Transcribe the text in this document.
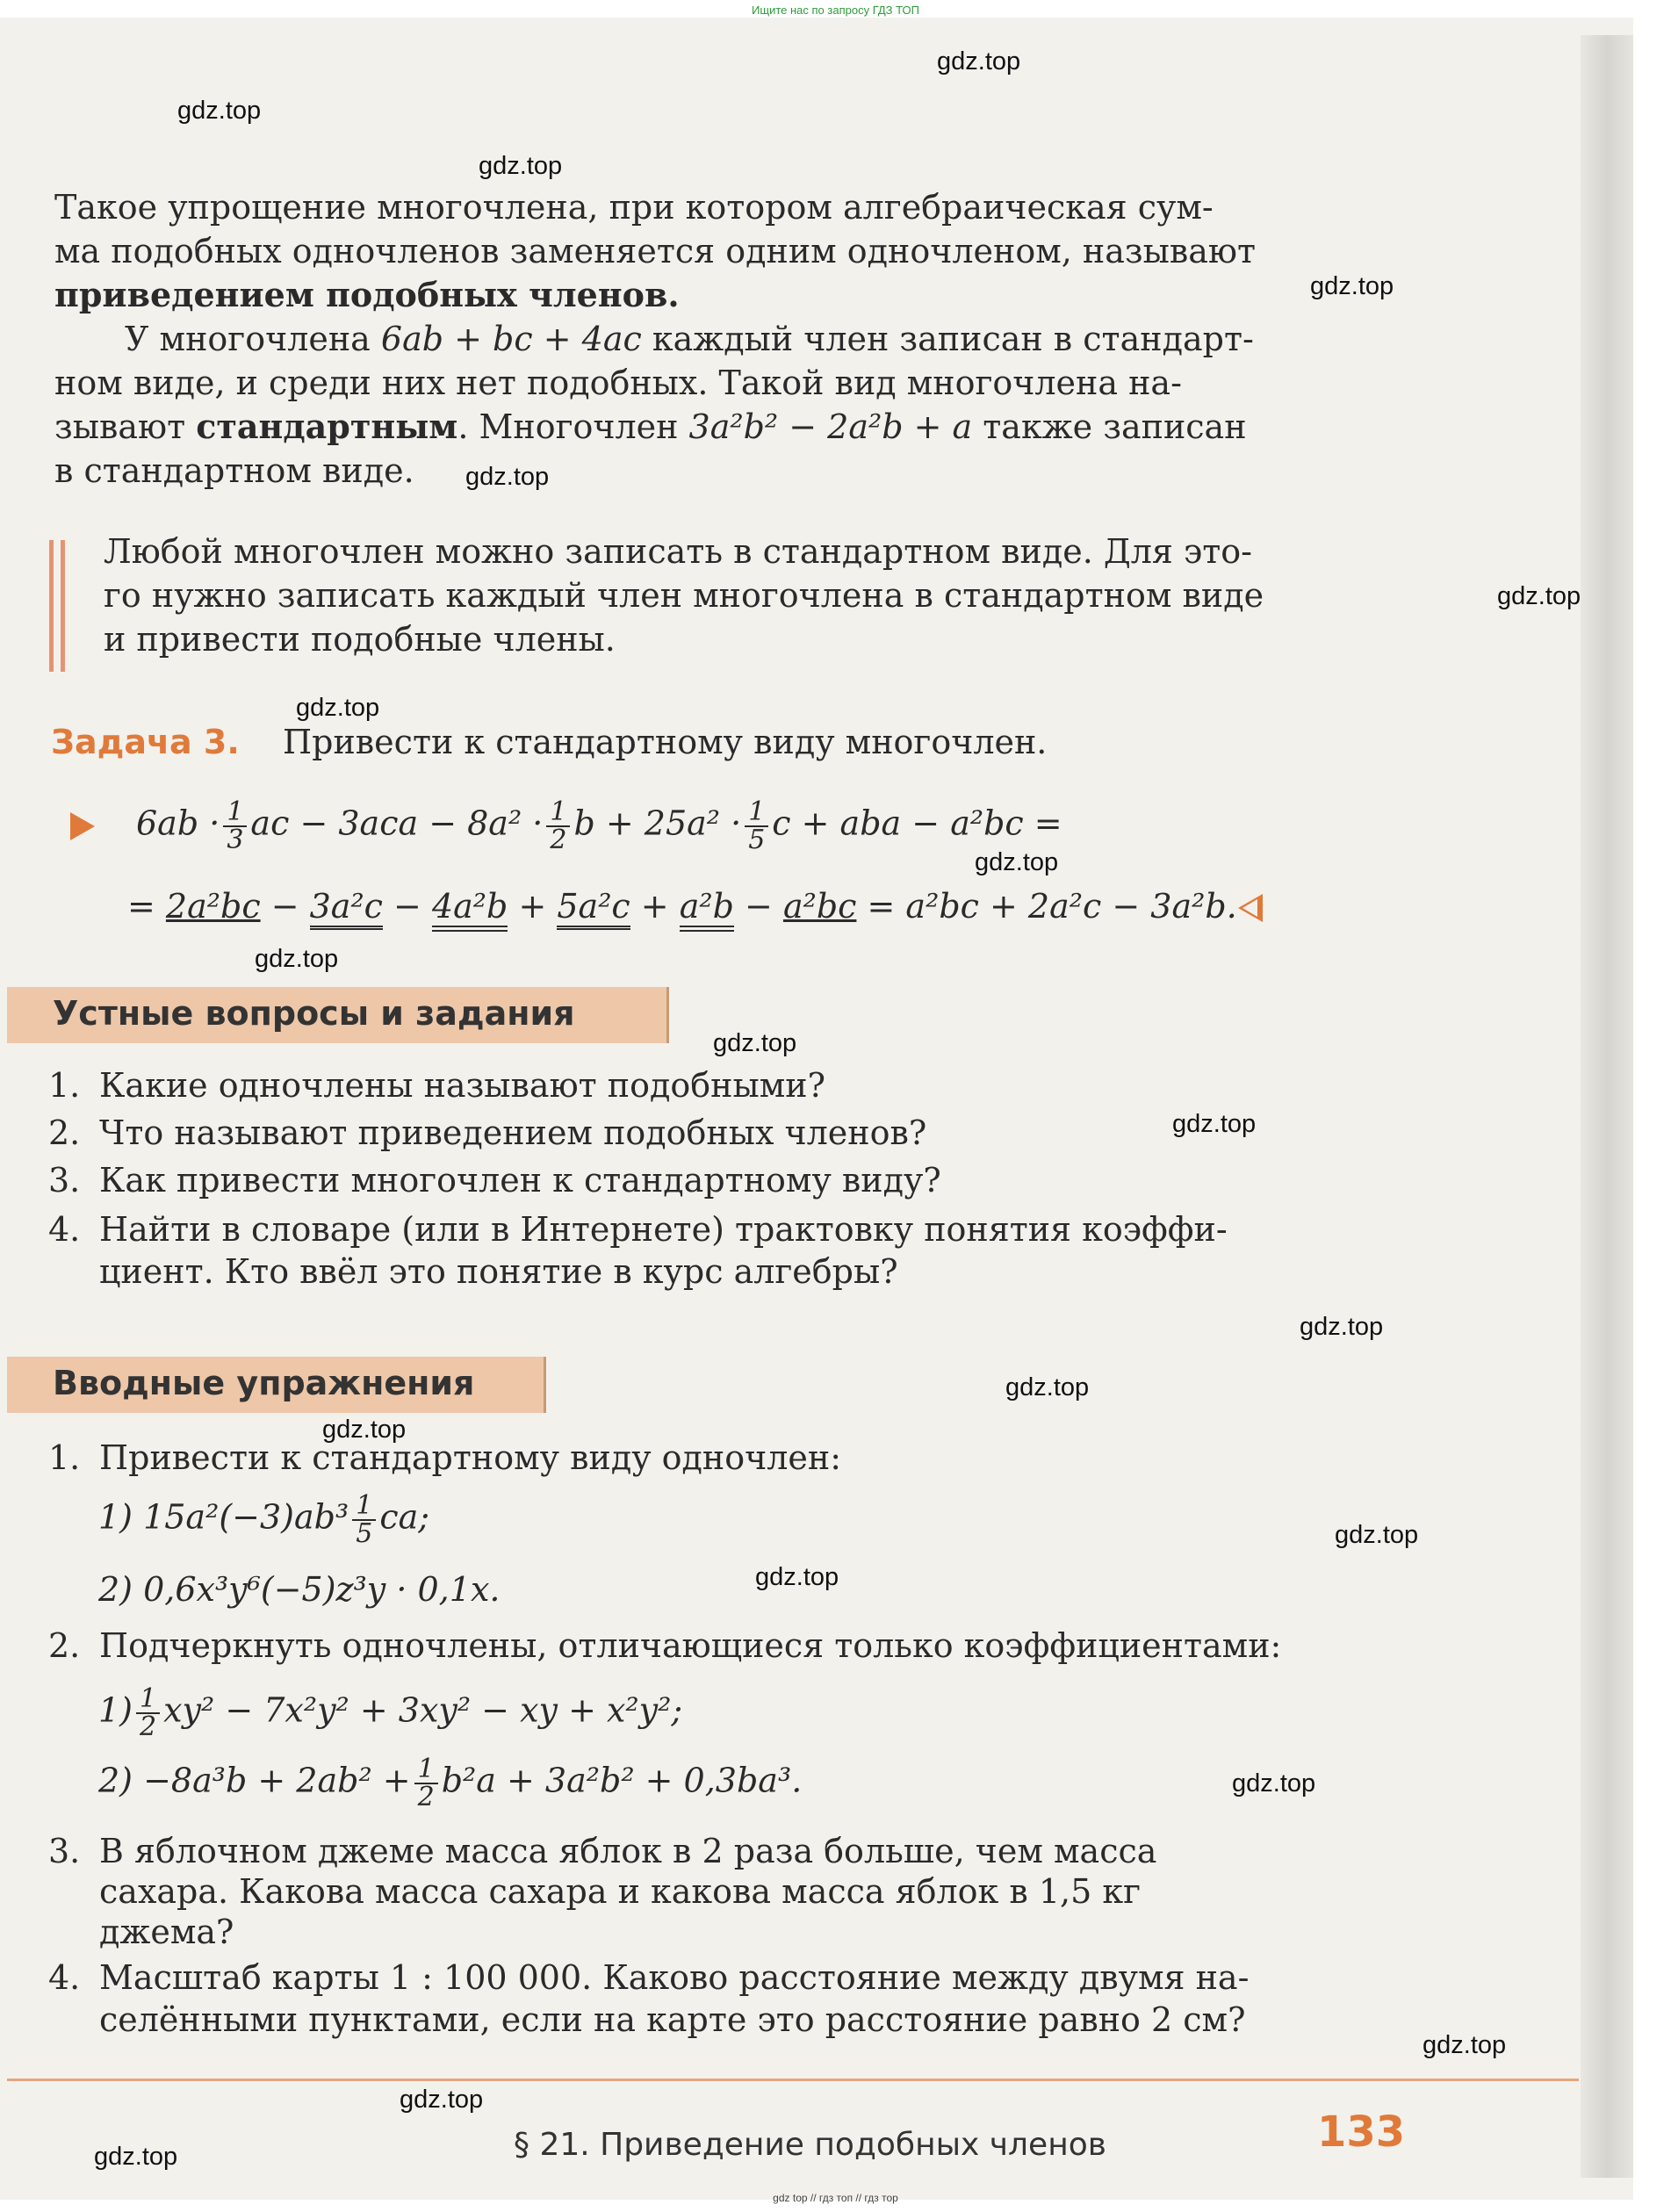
Ищите нас по запросу ГДЗ ТОП
Такое упрощение многочлена, при котором алгебраическая сум-
ма подобных одночленов заменяется одним одночленом, называют
приведением подобных членов.
У многочлена 6ab + bc + 4ac каждый член записан в стандарт-
ном виде, и среди них нет подобных. Такой вид многочлена на-
зывают стандартным. Многочлен 3a²b² − 2a²b + a также записан
в стандартном виде.
Любой многочлен можно записать в стандартном виде. Для это-
го нужно записать каждый член многочлена в стандартном виде
и привести подобные члены.
Задача 3. Привести к стандартному виду многочлен.
$6ab \cdot \frac{1}{3}$ ac − $3aca - 8a^2 \cdot \frac{1}{2}$ $b + 25a^2 \cdot \frac{1}{5}$ c + aba − a²bc =
= 2a²bc − 3a²c − 4a²b + 5a²c + a²b − a²bc = a²bc + 2a²c − 3a²b.
Устные вопросы и задания
1. Какие одночлены называют подобными?
2. Что называют приведением подобных членов?
3. Как привести многочлен к стандартному виду?
4. Найти в словаре (или в Интернете) трактовку понятия коэффи-
циент. Кто ввёл это понятие в курс алгебры?
Вводные упражнения
1. Привести к стандартному виду одночлен:
1) $15a^2(-3)ab^3 \frac{1}{5}$ ca;
2) 0,6x³y⁶(−5)z³y · 0,1x.
2. Подчеркнуть одночлены, отличающиеся только коэффициентами:
$1) \frac{1}{2} xy^2 - 7x^2y^2 + 3xy^2$ − xy + x²y²;
$2) -8a^3b + 2ab^2 + \frac{1}{2} b^2a + 3a^2b^2 + 0,3ba^3$.
3. В яблочном джеме масса яблок в 2 раза больше, чем масса
сахара. Какова масса сахара и какова масса яблок в 1,5 кг
джема?
4. Масштаб карты 1 : 100 000. Каково расстояние между двумя на-
селёнными пунктами, если на карте это расстояние равно 2 см?
§ 21. Приведение подобных членов	133
gdz.top
gdz.top
gdz.top
gdz.top
gdz.top
gdz.top
gdz.top
gdz.top
gdz.top
gdz.top
gdz.top
gdz.top
gdz.top
gdz.top
gdz.top
gdz.top
gdz.top
gdz.top
gdz.top
gdz.top
gdz top // гдз топ // гдз тор
